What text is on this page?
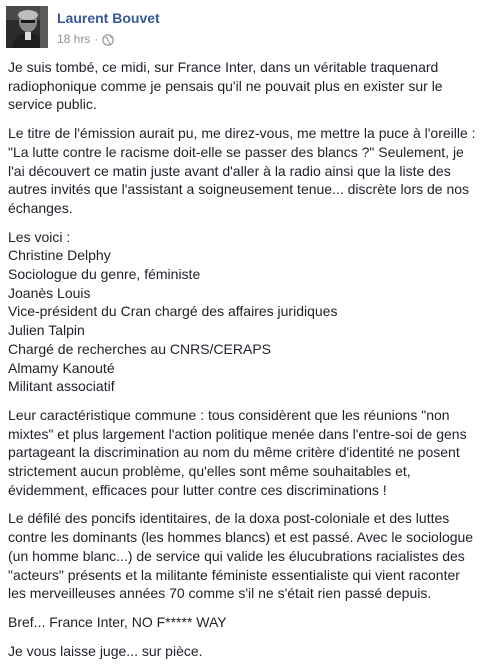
Laurent Bouvet
18 hrs ·

Je suis tombé, ce midi, sur France Inter, dans un véritable traquenard
radiophonique comme je pensais qu'il ne pouvait plus en exister sur le
service public.

Le titre de l'émission aurait pu, me direz-vous, me mettre la puce à l'oreille :
"La lutte contre le racisme doit-elle se passer des blancs ?" Seulement, je
l'ai découvert ce matin juste avant d'aller à la radio ainsi que la liste des
autres invités que l'assistant a soigneusement tenue... discrète lors de nos
échanges.

Les voici :
Christine Delphy
Sociologue du genre, féministe
Joanès Louis
Vice-président du Cran chargé des affaires juridiques
Julien Talpin
Chargé de recherches au CNRS/CERAPS
Almamy Kanouté
Militant associatif

Leur caractéristique commune : tous considèrent que les réunions "non
mixtes" et plus largement l'action politique menée dans l'entre-soi de gens
partageant la discrimination au nom du même critère d'identité ne posent
strictement aucun problème, qu'elles sont même souhaitables et,
évidemment, efficaces pour lutter contre ces discriminations !

Le défilé des poncifs identitaires, de la doxa post-coloniale et des luttes
contre les dominants (les hommes blancs) et est passé. Avec le sociologue
(un homme blanc...) de service qui valide les élucubrations racialistes des
"acteurs" présents et la militante féministe essentialiste qui vient raconter
les merveilleuses années 70 comme s'il ne s'était rien passé depuis.

Bref... France Inter, NO F***** WAY

Je vous laisse juge... sur pièce.
